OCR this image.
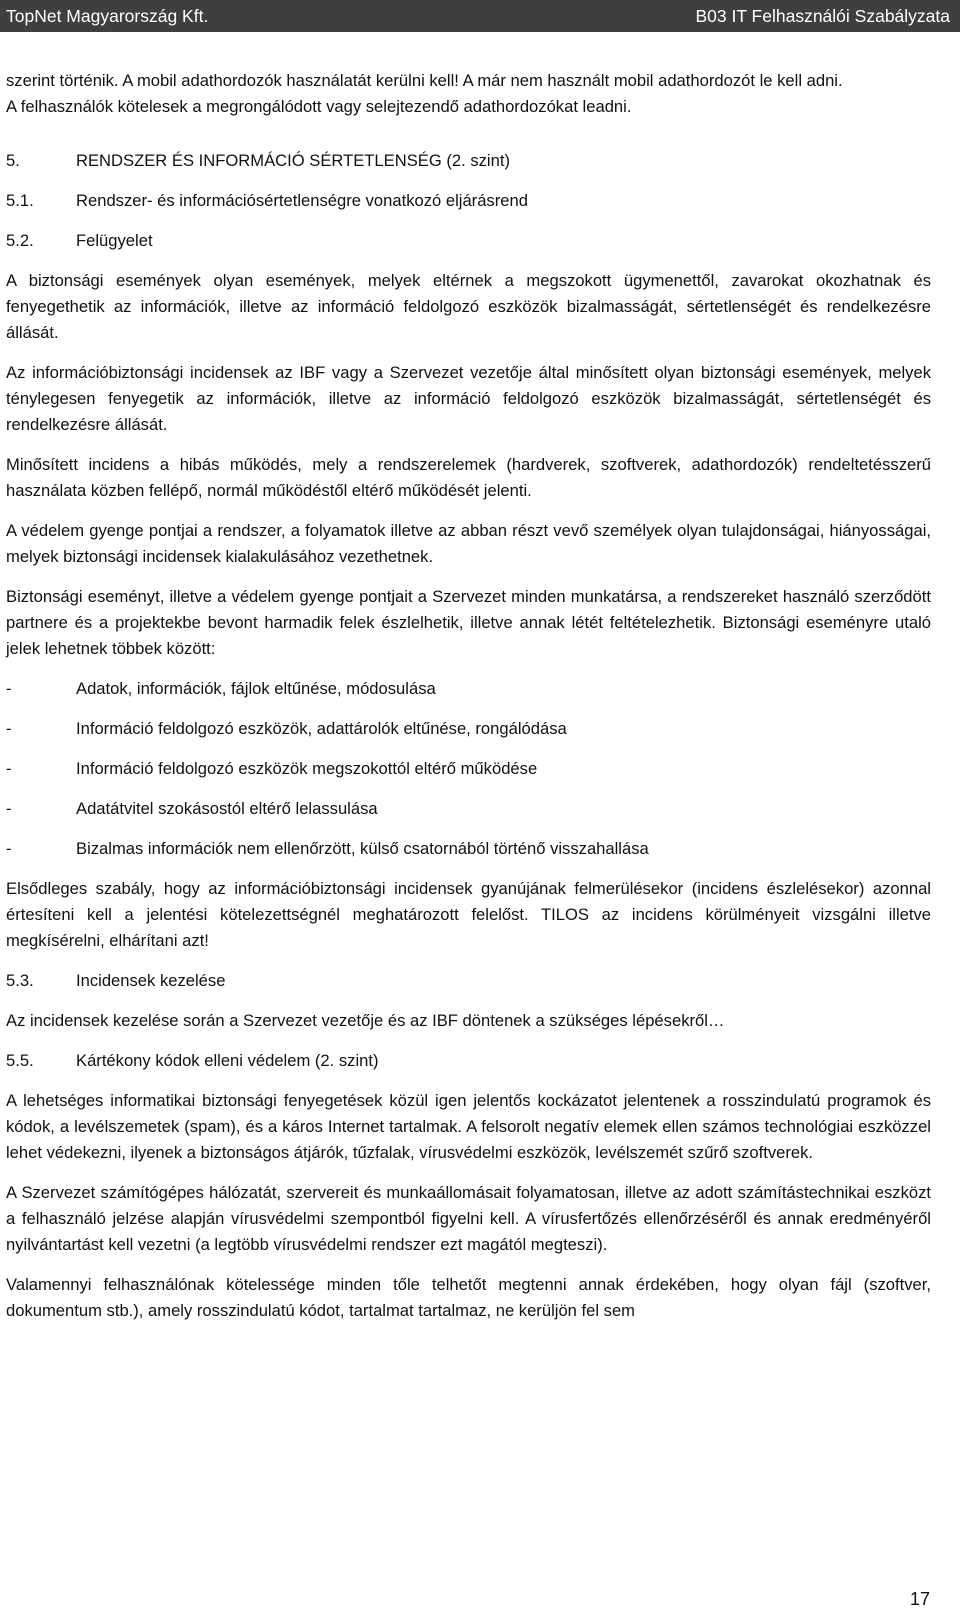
TopNet Magyarország Kft.	B03 IT Felhasználói Szabályzata

szerint történik. A mobil adathordozók használatát kerülni kell! A már nem használt mobil adathordozót le kell adni.

A felhasználók kötelesek a megrongálódott vagy selejtezendő adathordozókat leadni.

5.	RENDSZER ÉS INFORMÁCIÓ SÉRTETLENSÉG (2. szint)
5.1.	Rendszer- és információsértetlenségre vonatkozó eljárásrend
5.2.	Felügyelet

A biztonsági események olyan események, melyek eltérnek a megszokott ügymenettől, zavarokat okozhatnak és fenyegethetik az információk, illetve az információ feldolgozó eszközök bizalmasságát, sértetlenségét és rendelkezésre állását.

Az információbiztonsági incidensek az IBF vagy a Szervezet vezetője által minősített olyan biztonsági események, melyek ténylegesen fenyegetik az információk, illetve az információ feldolgozó eszközök bizalmasságát, sértetlenségét és rendelkezésre állását.

Minősített incidens a hibás működés, mely a rendszerelemek (hardverek, szoftverek, adathordozók) rendeltetésszerű használata közben fellépő, normál működéstől eltérő működését jelenti.

A védelem gyenge pontjai a rendszer, a folyamatok illetve az abban részt vevő személyek olyan tulajdonságai, hiányosságai, melyek biztonsági incidensek kialakulásához vezethetnek.

Biztonsági eseményt, illetve a védelem gyenge pontjait a Szervezet minden munkatársa, a rendszereket használó szerződött partnere és a projektekbe bevont harmadik felek észlelhetik, illetve annak létét feltételezhetik. Biztonsági eseményre utaló jelek lehetnek többek között:

-	Adatok, információk, fájlok eltűnése, módosulása
-	Információ feldolgozó eszközök, adattárolók eltűnése, rongálódása
-	Információ feldolgozó eszközök megszokottól eltérő működése
-	Adatátvitel szokásostól eltérő lelassulása
-	Bizalmas információk nem ellenőrzött, külső csatornából történő visszahallása

Elsődleges szabály, hogy az információbiztonsági incidensek gyanújának felmerülésekor (incidens észlelésekor) azonnal értesíteni kell a jelentési kötelezettségnél meghatározott felelőst. TILOS az incidens körülményeit vizsgálni illetve megkísérelni, elhárítani azt!

5.3.	Incidensek kezelése

Az incidensek kezelése során a Szervezet vezetője és az IBF döntenek a szükséges lépésekről…

5.5.	Kártékony kódok elleni védelem (2. szint)

A lehetséges informatikai biztonsági fenyegetések közül igen jelentős kockázatot jelentenek a rosszindulatú programok és kódok, a levélszemetek (spam), és a káros Internet tartalmak. A felsorolt negatív elemek ellen számos technológiai eszközzel lehet védekezni, ilyenek a biztonságos átjárók, tűzfalak, vírusvédelmi eszközök, levélszemét szűrő szoftverek.

A Szervezet számítógépes hálózatát, szervereit és munkaállomásait folyamatosan, illetve az adott számítástechnikai eszközt a felhasználó jelzése alapján vírusvédelmi szempontból figyelni kell. A vírusfertőzés ellenőrzéséről és annak eredményéről nyilvántartást kell vezetni (a legtöbb vírusvédelmi rendszer ezt magától megteszi).

Valamennyi felhasználónak kötelessége minden tőle telhetőt megtenni annak érdekében, hogy olyan fájl (szoftver, dokumentum stb.), amely rosszindulatú kódot, tartalmat tartalmaz, ne kerüljön fel sem

17
